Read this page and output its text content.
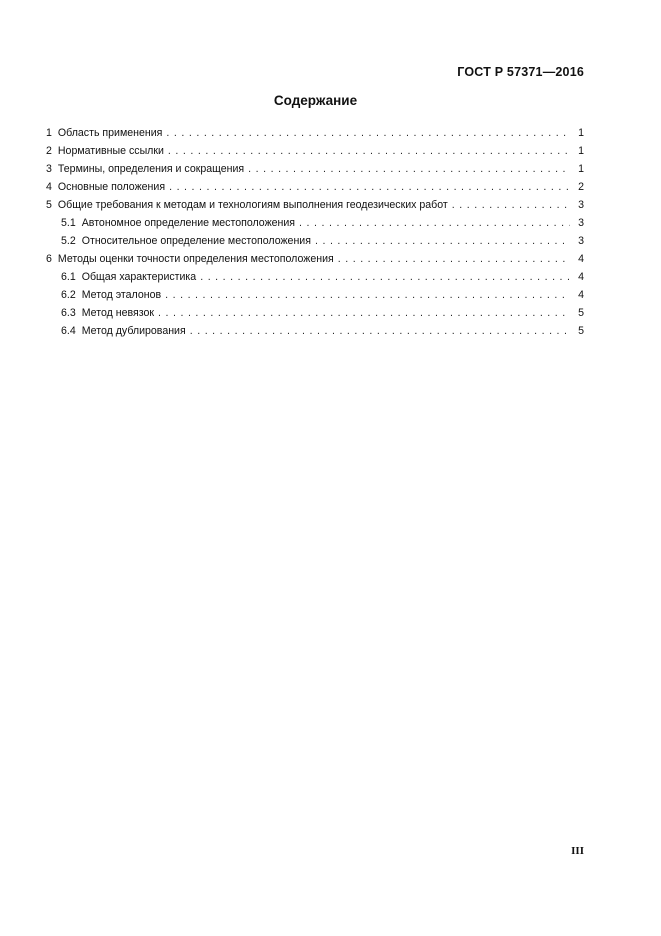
ГОСТ Р 57371—2016
Содержание
1 Область применения . . .	1
2 Нормативные ссылки . . .	1
3 Термины, определения и сокращения . . .	1
4 Основные положения . . .	2
5 Общие требования к методам и технологиям выполнения геодезических работ . . .	3
5.1 Автономное определение местоположения . . .	3
5.2 Относительное определение местоположения . . .	3
6 Методы оценки точности определения местоположения . . .	4
6.1 Общая характеристика . . .	4
6.2 Метод эталонов . . .	4
6.3 Метод невязок . . .	5
6.4 Метод дублирования . . .	5
III
